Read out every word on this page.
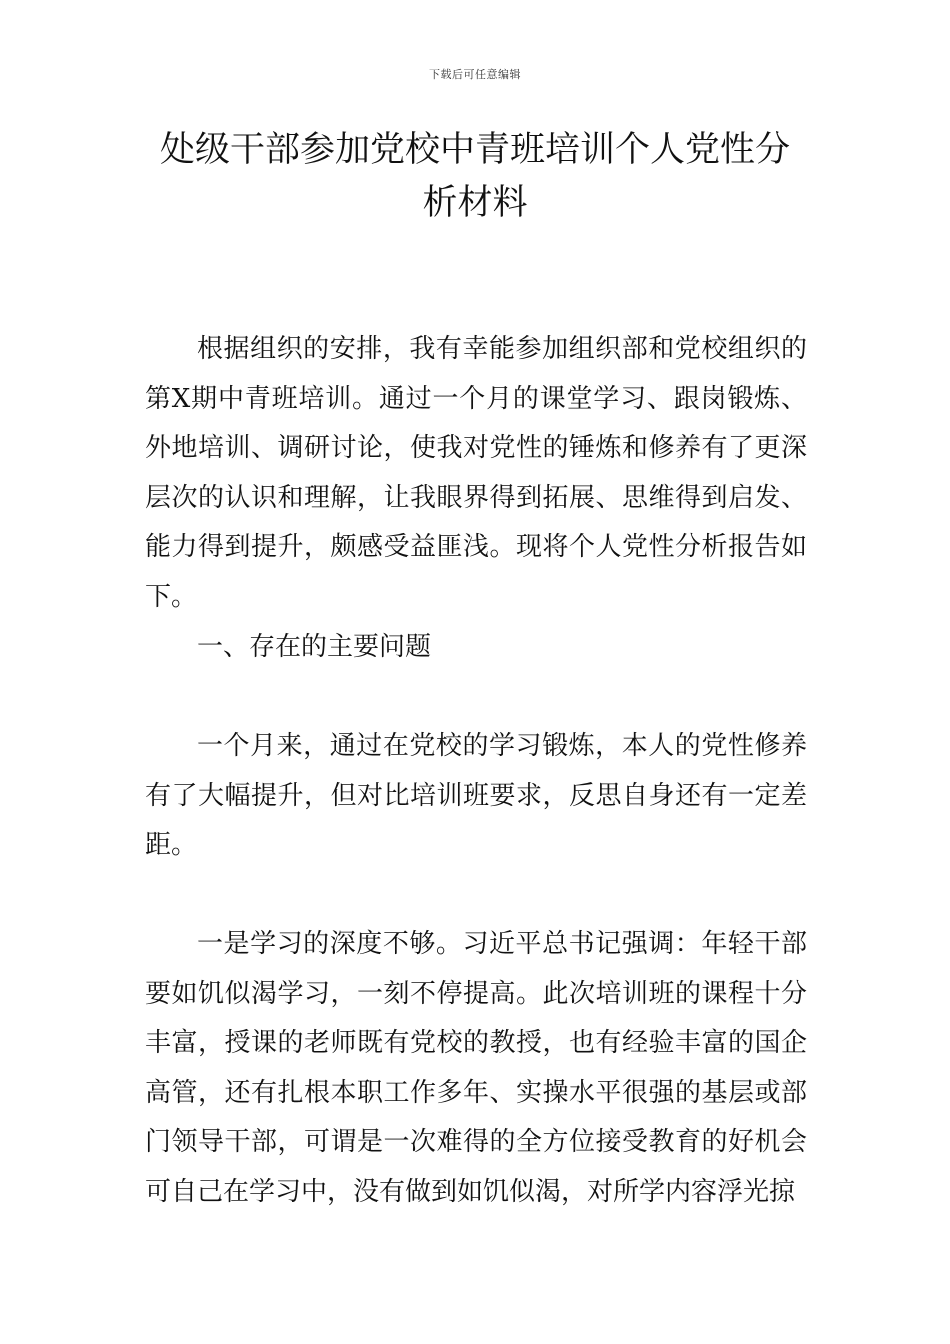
下载后可任意编辑
处级干部参加党校中青班培训个人党性分析材料

根据组织的安排，我有幸能参加组织部和党校组织的第Ⅹ期中青班培训。通过一个月的课堂学习、跟岗锻炼、外地培训、调研讨论，使我对党性的锤炼和修养有了更深层次的认识和理解，让我眼界得到拓展、思维得到启发、能力得到提升，颇感受益匪浅。现将个人党性分析报告如下。

一、存在的主要问题

一个月来，通过在党校的学习锻炼，本人的党性修养有了大幅提升，但对比培训班要求，反思自身还有一定差距。

一是学习的深度不够。习近平总书记强调：年轻干部要如饥似渴学习，一刻不停提高。此次培训班的课程十分丰富，授课的老师既有党校的教授，也有经验丰富的国企高管，还有扎根本职工作多年、实操水平很强的基层或部门领导干部，可谓是一次难得的全方位接受教育的好机会可自己在学习中，没有做到如饥似渴，对所学内容浮光掠
